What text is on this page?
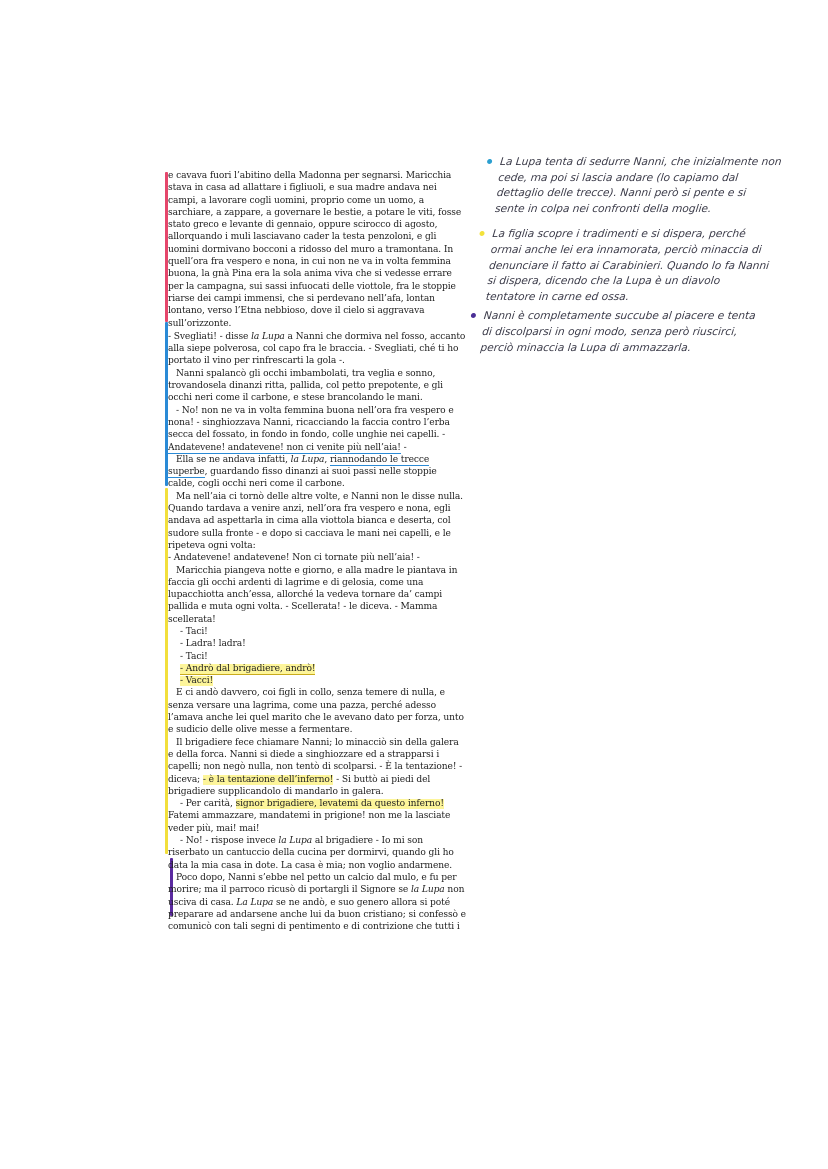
e cavava fuori l’abitino della Madonna per segnarsi. Maricchia stava in casa ad allattare i figliuoli, e sua madre andava nei campi, a lavorare cogli uomini, proprio come un uomo, a sarchiare, a zappare, a governare le bestie, a potare le viti, fosse stato greco e levante di gennaio, oppure scirocco di agosto, allorquando i muli lasciavano cader la testa penzoloni, e gli uomini dormivano bocconi a ridosso del muro a tramontana. In quell’ora fra vespero e nona, in cui non ne va in volta femmina buona, la gnà Pina era la sola anima viva che si vedesse errare per la campagna, sui sassi infuocati delle viottole, fra le stoppie riarse dei campi immensi, che si perdevano nell’afa, lontan lontano, verso l’Etna nebbioso, dove il cielo si aggravava sull’orizzonte.

- Svegliati! - disse la Lupa a Nanni che dormiva nel fosso, accanto alla siepe polverosa, col capo fra le braccia. - Svegliati, ché ti ho portato il vino per rinfrescarti la gola -.

Nanni spalancò gli occhi imbambolati, tra veglia e sonno, trovandosela dinanzi ritta, pallida, col petto prepotente, e gli occhi neri come il carbone, e stese brancolando le mani.

- No! non ne va in volta femmina buona nell’ora fra vespero e nona! - singhiozzava Nanni, ricacciando la faccia contro l’erba secca del fossato, in fondo in fondo, colle unghie nei capelli. - Andatevene! andatevene! non ci venite più nell’aia! -

Ella se ne andava infatti, la Lupa, riannodando le trecce superbe, guardando fisso dinanzi ai suoi passi nelle stoppie calde, cogli occhi neri come il carbone.

Ma nell’aia ci tornò delle altre volte, e Nanni non le disse nulla. Quando tardava a venire anzi, nell’ora fra vespero e nona, egli andava ad aspettarla in cima alla viottola bianca e deserta, col sudore sulla fronte - e dopo si cacciava le mani nei capelli, e le ripeteva ogni volta:

- Andatevene! andatevene! Non ci tornate più nell’aia! -

Maricchia piangeva notte e giorno, e alla madre le piantava in faccia gli occhi ardenti di lagrime e di gelosia, come una lupacchiotta anch’essa, allorché la vedeva tornare da’ campi pallida e muta ogni volta. - Scellerata! - le diceva. - Mamma scellerata!

- Taci!

- Ladra! ladra!

- Taci!

- Andrò dal brigadiere, andrò!

- Vacci!

E ci andò davvero, coi figli in collo, senza temere di nulla, e senza versare una lagrima, come una pazza, perché adesso l’amava anche lei quel marito che le avevano dato per forza, unto e sudicio delle olive messe a fermentare.

Il brigadiere fece chiamare Nanni; lo minacciò sin della galera e della forca. Nanni si diede a singhiozzare ed a strapparsi i capelli; non negò nulla, non tentò di scolparsi. - È la tentazione! - diceva; - è la tentazione dell’inferno! - Si buttò ai piedi del brigadiere supplicandolo di mandarlo in galera.

- Per carità, signor brigadiere, levatemi da questo inferno! Fatemi ammazzare, mandatemi in prigione! non me la lasciate veder più, mai! mai!

- No! - rispose invece la Lupa al brigadiere - Io mi son riserbato un cantuccio della cucina per dormirvi, quando gli ho data la mia casa in dote. La casa è mia; non voglio andarmene.

Poco dopo, Nanni s’ebbe nel petto un calcio dal mulo, e fu per morire; ma il parroco ricusò di portargli il Signore se la Lupa non usciva di casa. La Lupa se ne andò, e suo genero allora si poté preparare ad andarsene anche lui da buon cristiano; si confessò e comunicò con tali segni di pentimento e di contrizione che tutti i

La Lupa tenta di sedurre Nanni, che inizialmente non cede, ma poi si lascia andare (lo capiamo dal dettaglio delle trecce). Nanni però si pente e si sente in colpa nei confronti della moglie.
La figlia scopre i tradimenti e si dispera, perché ormai anche lei era innamorata, perciò minaccia di denunciare il fatto ai Carabinieri. Quando lo fa Nanni si dispera, dicendo che la Lupa è un diavolo tentatore in carne ed ossa.
Nanni è completamente succube al piacere e tenta di discolparsi in ogni modo, senza però riuscirci, perciò minaccia la Lupa di ammazzarla.
